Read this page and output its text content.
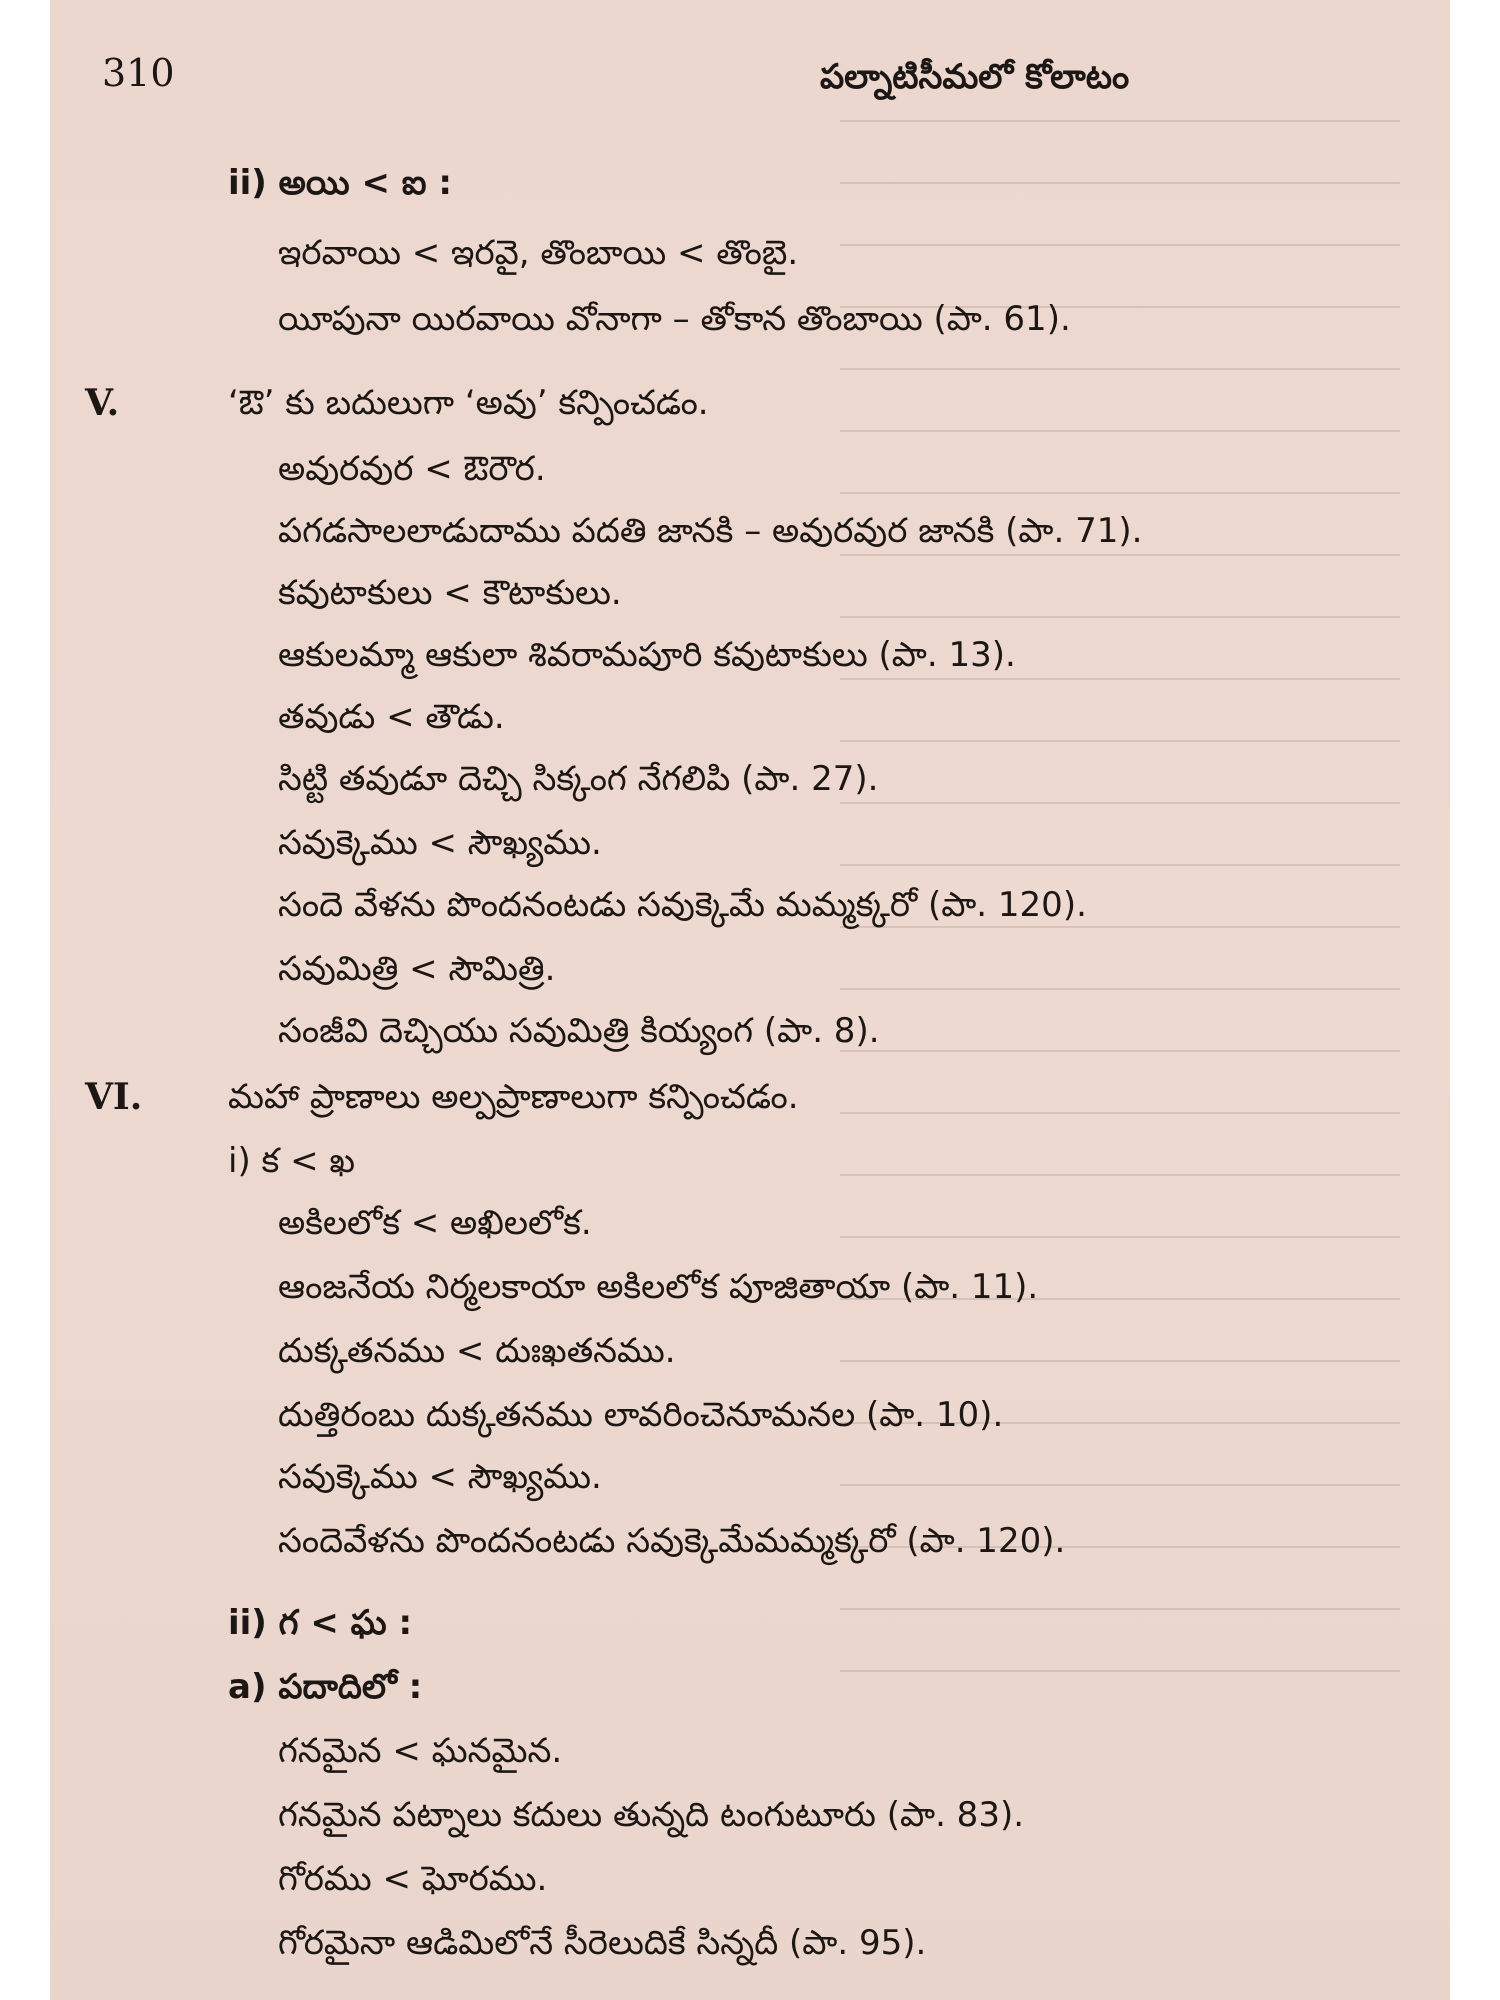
310	పల్నాటిసీమలో కోలాటం
ii) అయి < ఐ :
ఇరవాయి < ఇరవై, తొంబాయి < తొంబై.
యీపునా యిరవాయి వోనాగా – తోకాన తొంబాయి (పా. 61).
V.	‘ఔ’ కు బదులుగా ‘అవు’ కన్పించడం.
అవురవుర < ఔరౌర.
పగడసాలలాడుదాము పదతి జానకి – అవురవుర జానకి (పా. 71).
కవుటాకులు < కౌటాకులు.
ఆకులమ్మా ఆకులా శివరామపూరి కవుటాకులు (పా. 13).
తవుడు < తౌడు.
సిట్టి తవుడూ దెచ్చి సిక్కంగ నేగలిపి (పా. 27).
సవుక్కెము < సౌఖ్యము.
సందె వేళను పొందనంటడు సవుక్కెమే మమ్మక్కరో (పా. 120).
సవుమిత్రి < సౌమిత్రి.
సంజీవి దెచ్చియు సవుమిత్రి కియ్యంగ (పా. 8).
VI.	మహా ప్రాణాలు అల్పప్రాణాలుగా కన్పించడం.
i) క < ఖ
అకిలలోక < అఖిలలోక.
ఆంజనేయ నిర్మలకాయా అకిలలోక పూజితాయా (పా. 11).
దుక్కతనము < దుఃఖతనము.
దుత్తిరంబు దుక్కతనము లావరించెనూమనల (పా. 10).
సవుక్కెము < సౌఖ్యము.
సందెవేళను పొందనంటడు సవుక్కెమేమమ్మక్కరో (పా. 120).
ii) గ < ఘ :
a) పదాదిలో :
గనమైన < ఘనమైన.
గనమైన పట్నాలు కదులు తున్నది టంగుటూరు (పా. 83).
గోరము < ఘోరము.
గోరమైనా ఆడిమిలోనే సీరెలుదికే సిన్నదీ (పా. 95).
